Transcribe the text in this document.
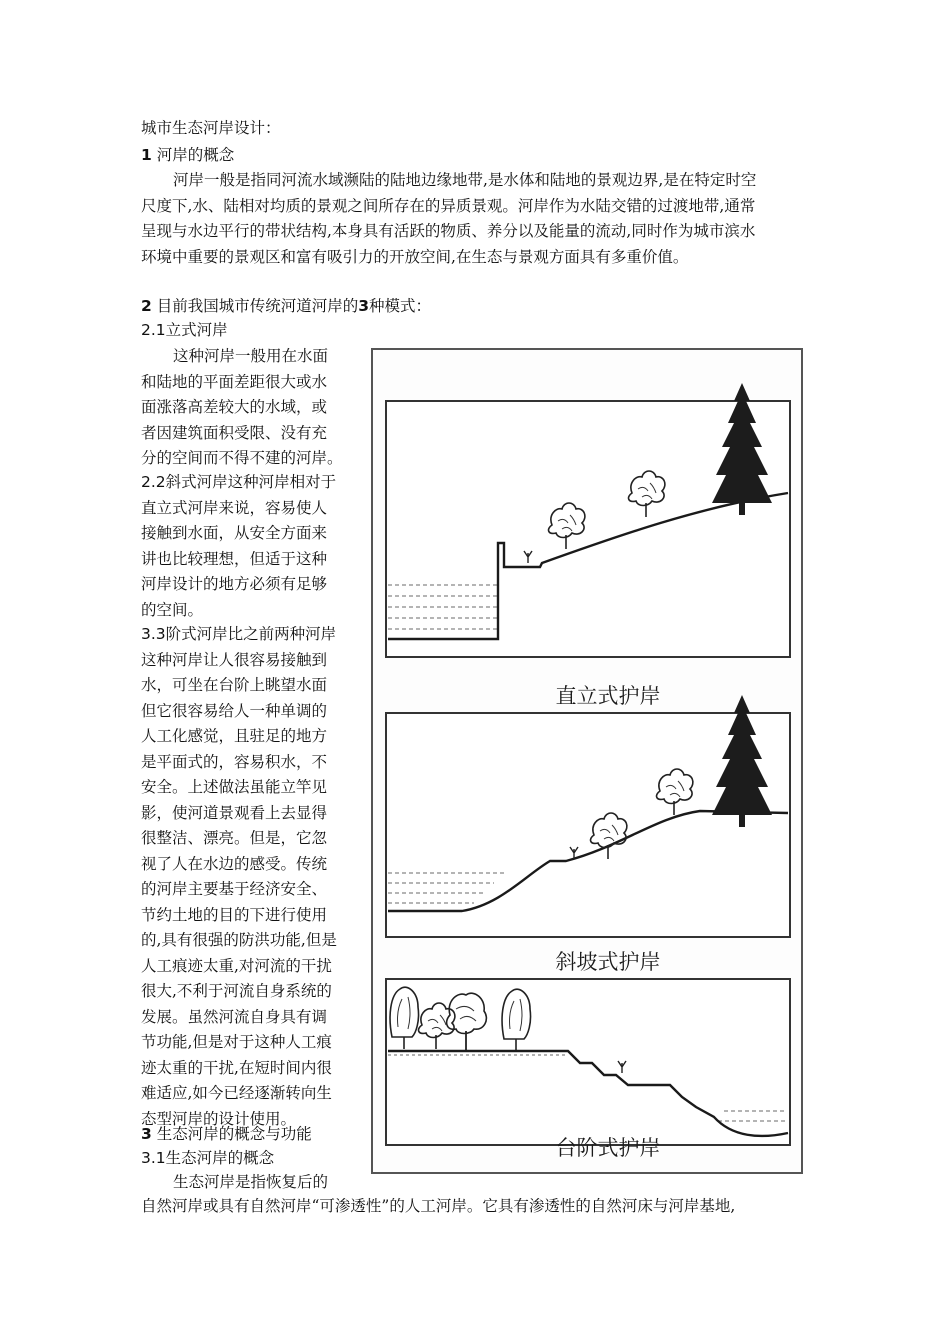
城市生态河岸设计：
1 河岸的概念

河岸一般是指同河流水域濒陆的陆地边缘地带,是水体和陆地的景观边界,是在特定时空

尺度下,水、陆相对均质的景观之间所存在的异质景观。河岸作为水陆交错的过渡地带,通常

呈现与水边平行的带状结构,本身具有活跃的物质、养分以及能量的流动,同时作为城市滨水

环境中重要的景观区和富有吸引力的开放空间,在生态与景观方面具有多重价值。

2 目前我国城市传统河道河岸的3种模式：
2.1立式河岸

这种河岸一般用在水面

和陆地的平面差距很大或水

面涨落高差较大的水域，或

者因建筑面积受限、没有充

分的空间而不得不建的河岸。

2.2斜式河岸这种河岸相对于

直立式河岸来说，容易使人

接触到水面，从安全方面来

讲也比较理想，但适于这种

河岸设计的地方必须有足够

的空间。

3.3阶式河岸比之前两种河岸

这种河岸让人很容易接触到

水，可坐在台阶上眺望水面

但它很容易给人一种单调的

人工化感觉，且驻足的地方

是平面式的，容易积水，不

安全。上述做法虽能立竿见

影，使河道景观看上去显得

很整洁、漂亮。但是，它忽

视了人在水边的感受。传统

的河岸主要基于经济安全、

节约土地的目的下进行使用

的,具有很强的防洪功能,但是

人工痕迹太重,对河流的干扰

很大,不利于河流自身系统的

发展。虽然河流自身具有调

节功能,但是对于这种人工痕

迹太重的干扰,在短时间内很

难适应,如今已经逐渐转向生

态型河岸的设计使用。

3 生态河岸的概念与功能
3.1生态河岸的概念
生态河岸是指恢复后的
自然河岸或具有自然河岸“可渗透性”的人工河岸。它具有渗透性的自然河床与河岸基地,
直立式护岸
斜坡式护岸
台阶式护岸
